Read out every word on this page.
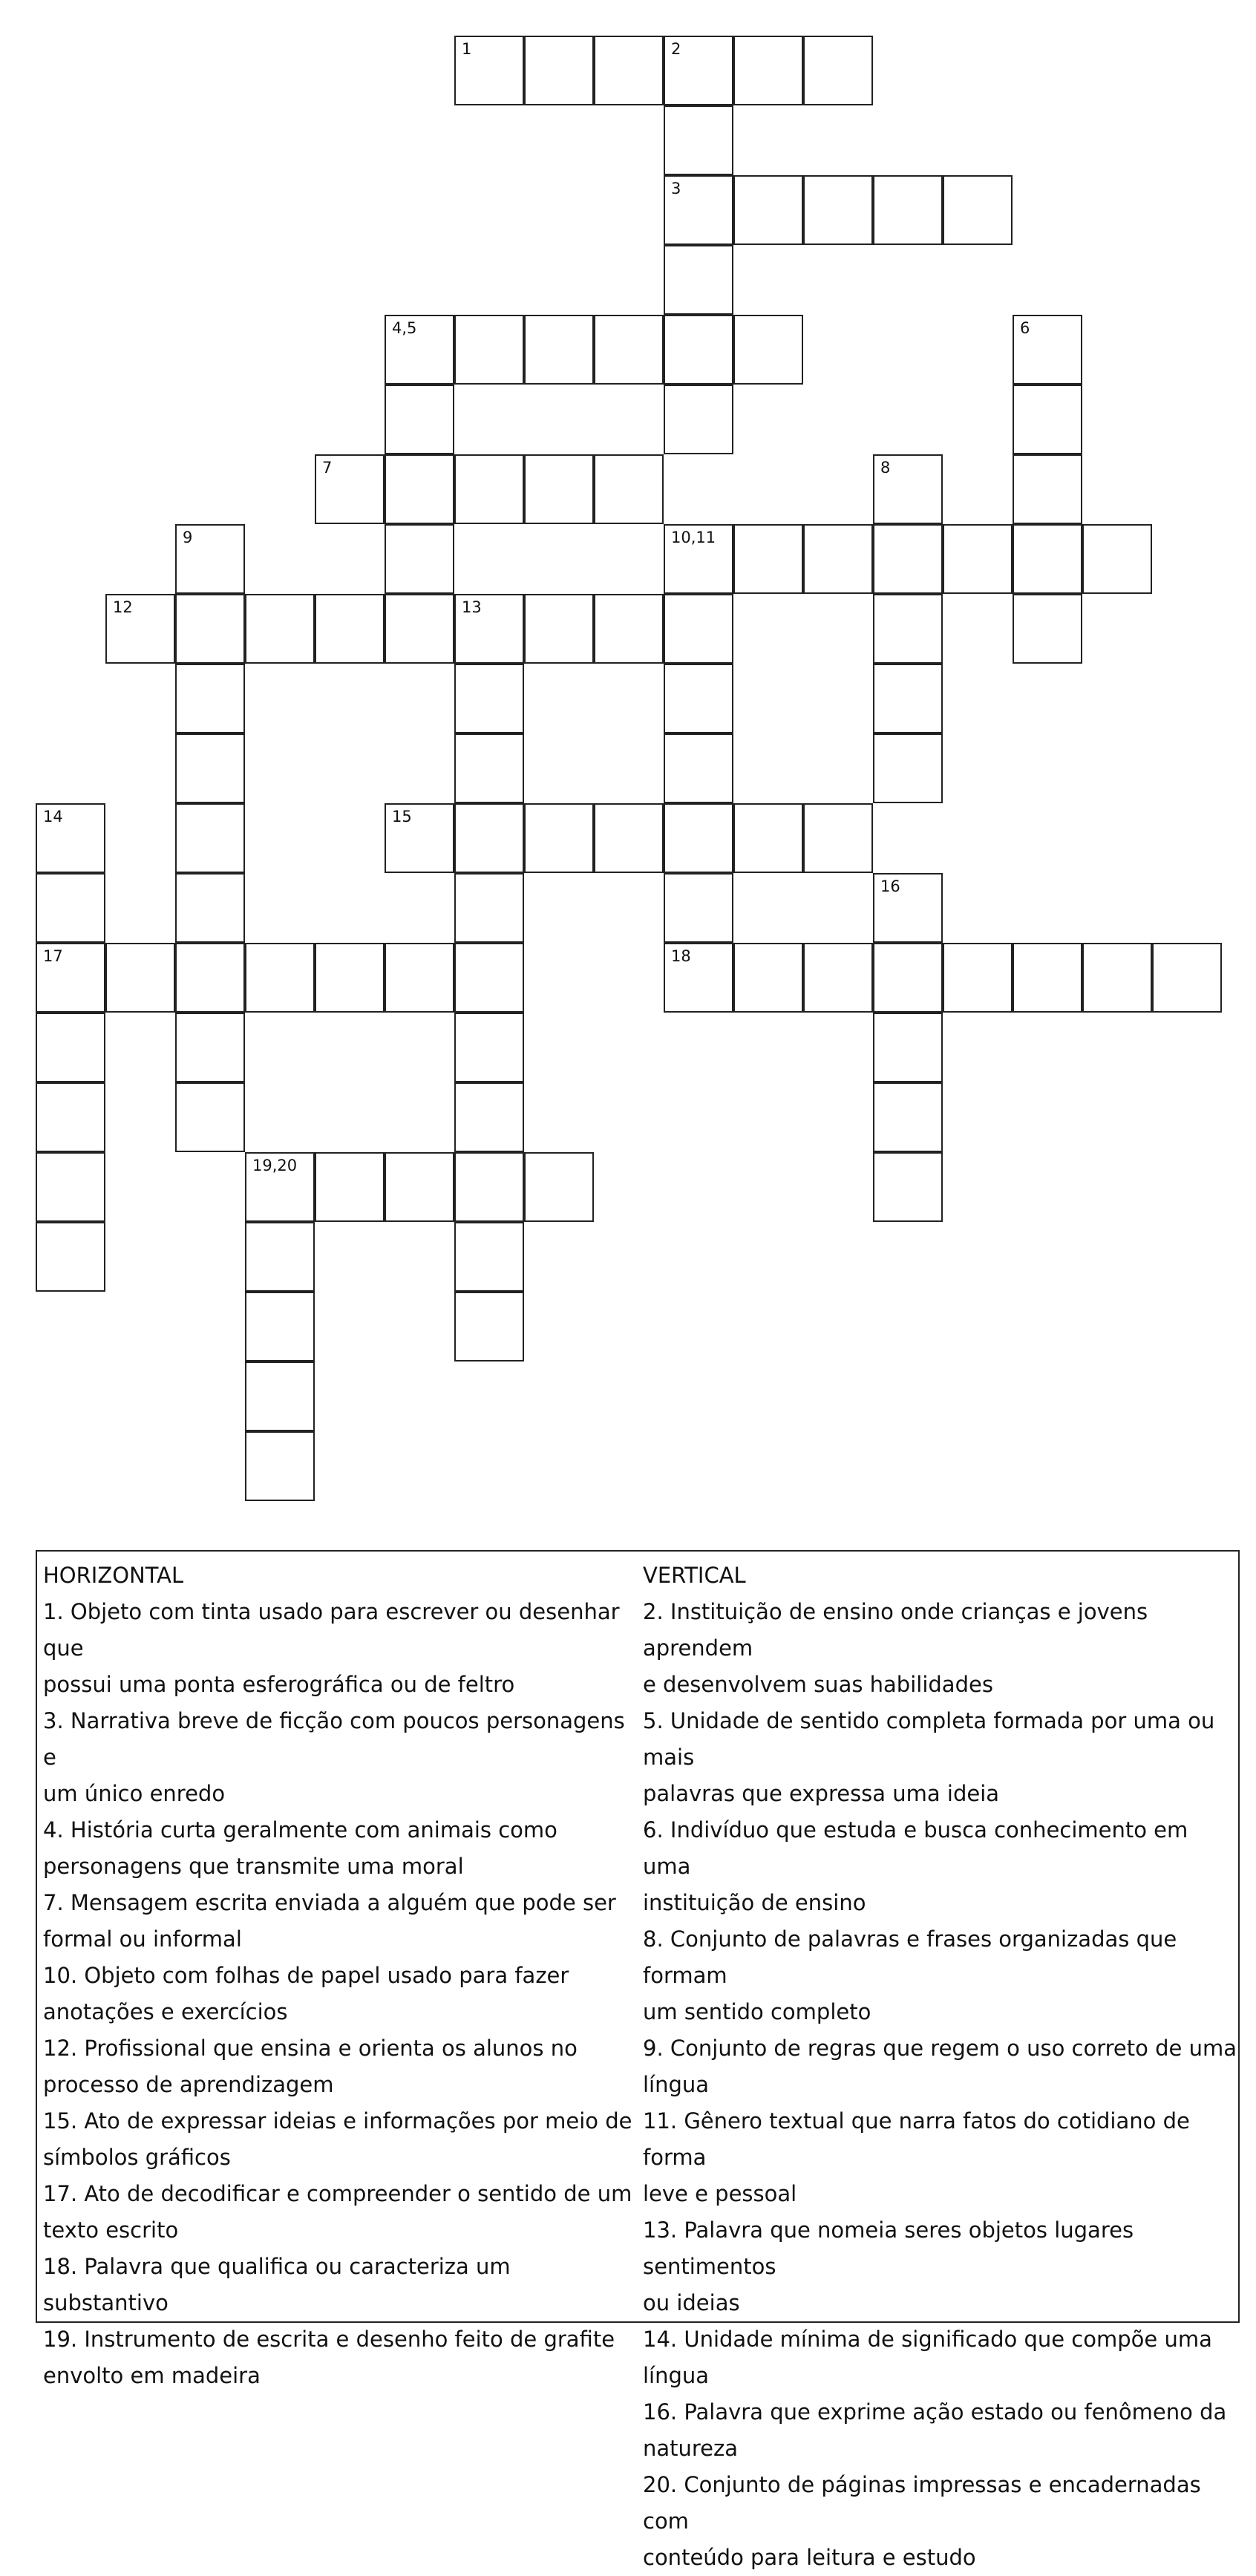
1	2
3
4,5	6
7	8
9	10,11
12	13
14	15
16
17	18
19,20
HORIZONTAL
1. Objeto com tinta usado para escrever ou desenhar que
possui uma ponta esferográfica ou de feltro
3. Narrativa breve de ficção com poucos personagens e
um único enredo
4. História curta geralmente com animais como
personagens que transmite uma moral
7. Mensagem escrita enviada a alguém que pode ser
formal ou informal
10. Objeto com folhas de papel usado para fazer
anotações e exercícios
12. Profissional que ensina e orienta os alunos no
processo de aprendizagem
15. Ato de expressar ideias e informações por meio de
símbolos gráficos
17. Ato de decodificar e compreender o sentido de um
texto escrito
18. Palavra que qualifica ou caracteriza um substantivo
19. Instrumento de escrita e desenho feito de grafite
envolto em madeira
VERTICAL
2. Instituição de ensino onde crianças e jovens aprendem
e desenvolvem suas habilidades
5. Unidade de sentido completa formada por uma ou mais
palavras que expressa uma ideia
6. Indivíduo que estuda e busca conhecimento em uma
instituição de ensino
8. Conjunto de palavras e frases organizadas que formam
um sentido completo
9. Conjunto de regras que regem o uso correto de uma
língua
11. Gênero textual que narra fatos do cotidiano de forma
leve e pessoal
13. Palavra que nomeia seres objetos lugares sentimentos
ou ideias
14. Unidade mínima de significado que compõe uma língua
16. Palavra que exprime ação estado ou fenômeno da
natureza
20. Conjunto de páginas impressas e encadernadas com
conteúdo para leitura e estudo
